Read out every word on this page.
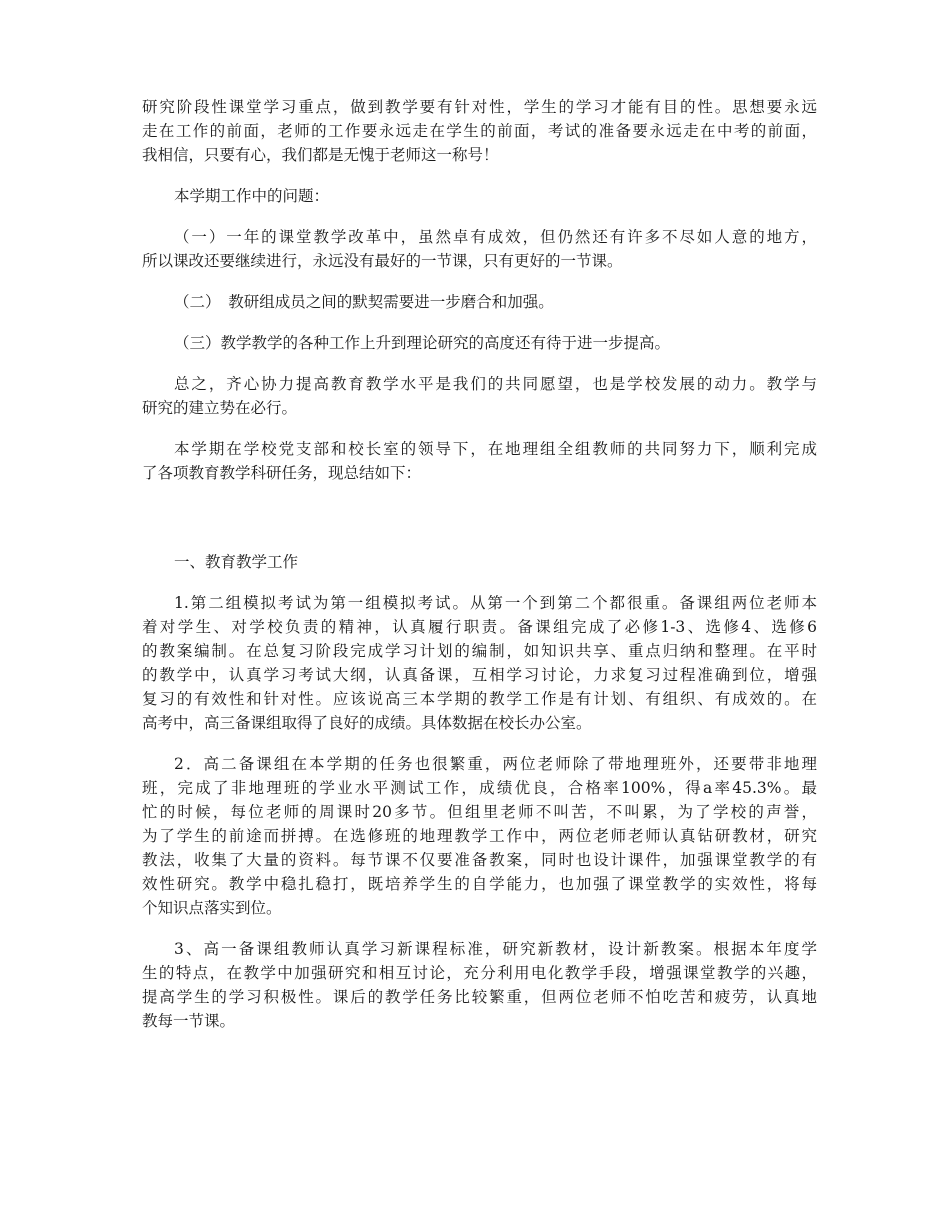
研究阶段性课堂学习重点，做到教学要有针对性，学生的学习才能有目的性。思想要永远
走在工作的前面，老师的工作要永远走在学生的前面，考试的准备要永远走在中考的前面，
我相信，只要有心，我们都是无愧于老师这一称号！
本学期工作中的问题：
（一）一年的课堂教学改革中，虽然卓有成效，但仍然还有许多不尽如人意的地方，
所以课改还要继续进行，永远没有最好的一节课，只有更好的一节课。
（二）　教研组成员之间的默契需要进一步磨合和加强。
（三）教学教学的各种工作上升到理论研究的高度还有待于进一步提高。
总之，齐心协力提高教育教学水平是我们的共同愿望，也是学校发展的动力。教学与
研究的建立势在必行。
本学期在学校党支部和校长室的领导下，在地理组全组教师的共同努力下，顺利完成
了各项教育教学科研任务，现总结如下：
一、教育教学工作
1.第二组模拟考试为第一组模拟考试。从第一个到第二个都很重。备课组两位老师本
着对学生、对学校负责的精神，认真履行职责。备课组完成了必修1-3、选修4、选修6
的教案编制。在总复习阶段完成学习计划的编制，如知识共享、重点归纳和整理。在平时
的教学中，认真学习考试大纲，认真备课，互相学习讨论，力求复习过程准确到位，增强
复习的有效性和针对性。应该说高三本学期的教学工作是有计划、有组织、有成效的。在
高考中，高三备课组取得了良好的成绩。具体数据在校长办公室。
2．高二备课组在本学期的任务也很繁重，两位老师除了带地理班外，还要带非地理
班，完成了非地理班的学业水平测试工作，成绩优良，合格率100%，得a率45.3%。最
忙的时候，每位老师的周课时20多节。但组里老师不叫苦，不叫累，为了学校的声誉，
为了学生的前途而拼搏。在选修班的地理教学工作中，两位老师老师认真钻研教材，研究
教法，收集了大量的资料。每节课不仅要准备教案，同时也设计课件，加强课堂教学的有
效性研究。教学中稳扎稳打，既培养学生的自学能力，也加强了课堂教学的实效性，将每
个知识点落实到位。
3、高一备课组教师认真学习新课程标准，研究新教材，设计新教案。根据本年度学
生的特点，在教学中加强研究和相互讨论，充分利用电化教学手段，增强课堂教学的兴趣，
提高学生的学习积极性。课后的教学任务比较繁重，但两位老师不怕吃苦和疲劳，认真地
教每一节课。
